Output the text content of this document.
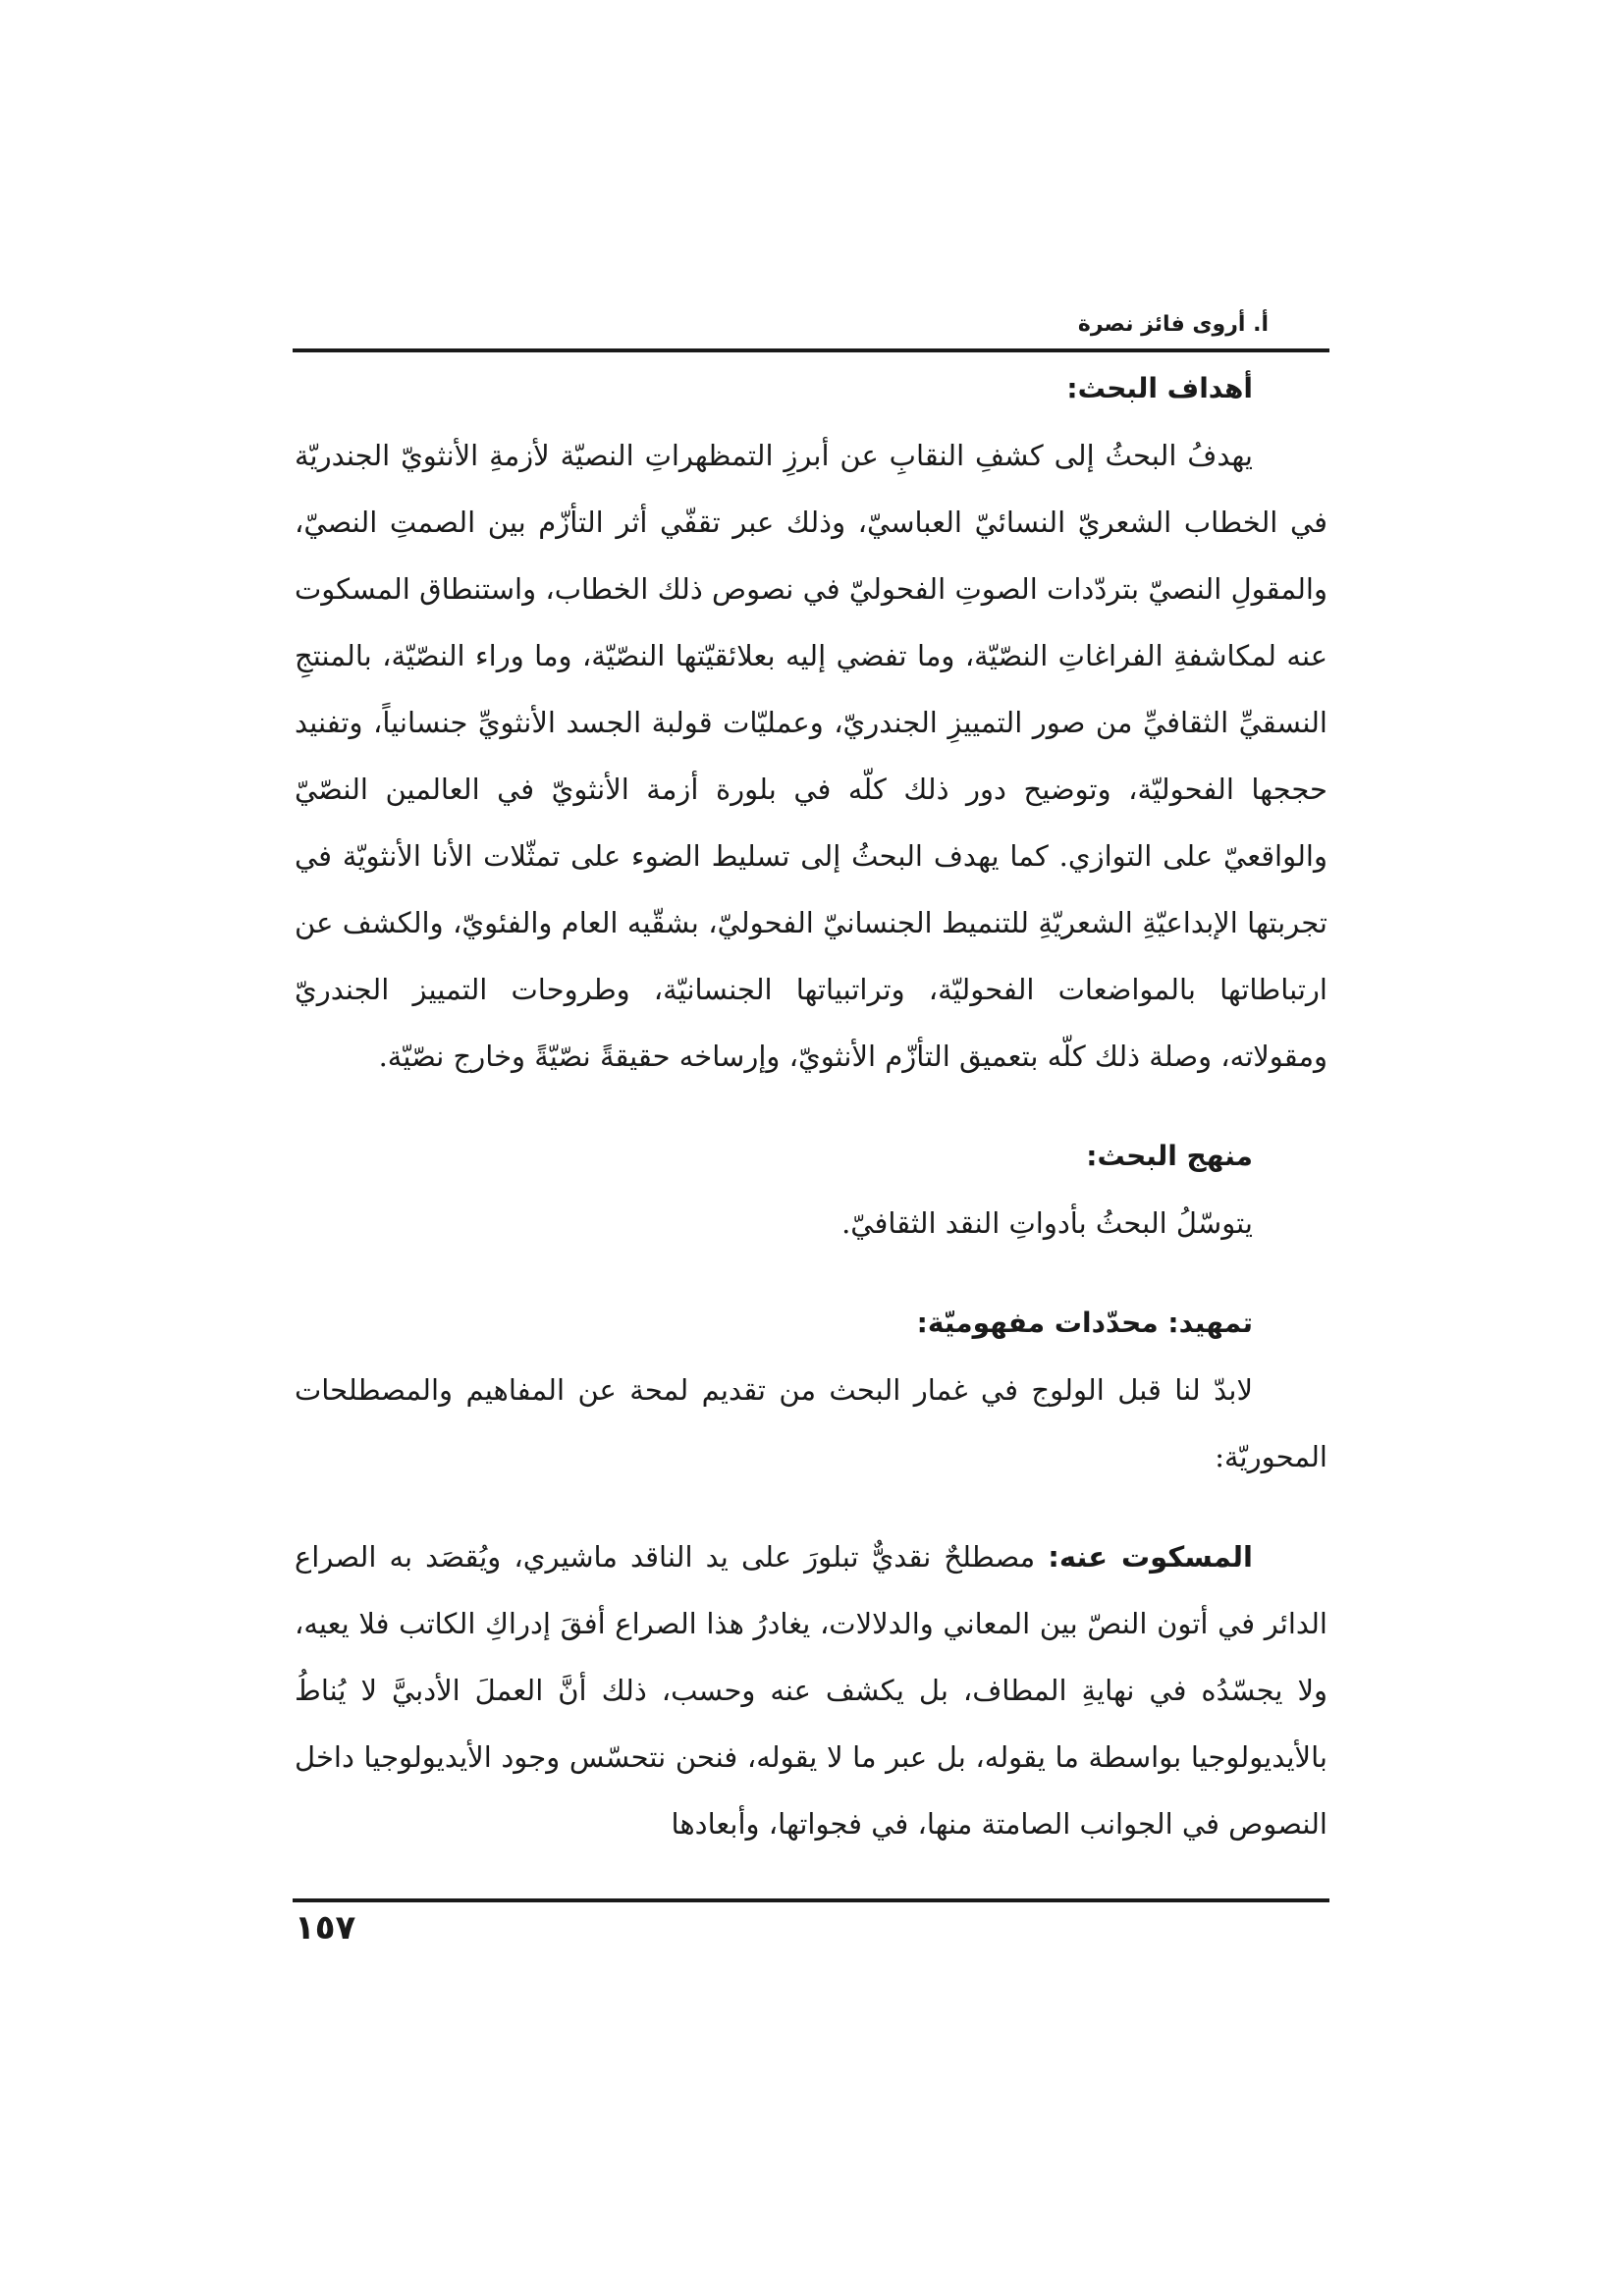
أ. أروى فائز نصرة

أهداف البحث:

يهدفُ البحثُ إلى كشفِ النقابِ عن أبرزِ التمظهراتِ النصيّة لأزمةِ الأنثويّ الجندريّة في الخطاب الشعريّ النسائيّ العباسيّ، وذلك عبر تقفّي أثر التأزّم بين الصمتِ النصيّ، والمقولِ النصيّ بتردّدات الصوتِ الفحوليّ في نصوص ذلك الخطاب، واستنطاق المسكوت عنه لمكاشفةِ الفراغاتِ النصّيّة، وما تفضي إليه بعلائقيّتها النصّيّة، وما وراء النصّيّة، بالمنتجِ النسقيِّ الثقافيِّ من صور التمييزِ الجندريّ، وعمليّات قولبة الجسد الأنثويِّ جنسانياً، وتفنيد حججها الفحوليّة، وتوضيح دور ذلك كلّه في بلورة أزمة الأنثويّ في العالمين النصّيّ والواقعيّ على التوازي. كما يهدف البحثُ إلى تسليط الضوء على تمثّلات الأنا الأنثويّة في تجربتها الإبداعيّةِ الشعريّةِ للتنميط الجنسانيّ الفحوليّ، بشقّيه العام والفئويّ، والكشف عن ارتباطاتها بالمواضعات الفحوليّة، وتراتبياتها الجنسانيّة، وطروحات التمييز الجندريّ ومقولاته، وصلة ذلك كلّه بتعميق التأزّم الأنثويّ، وإرساخه حقيقةً نصّيّةً وخارج نصّيّة.

منهج البحث:

يتوسّلُ البحثُ بأدواتِ النقد الثقافيّ.

تمهيد: محدّدات مفهوميّة:

لابدّ لنا قبل الولوج في غمار البحث من تقديم لمحة عن المفاهيم والمصطلحات المحوريّة:

المسكوت عنه: مصطلحٌ نقديٌّ تبلورَ على يد الناقد ماشيري، ويُقصَد به الصراع الدائر في أتون النصّ بين المعاني والدلالات، يغادرُ هذا الصراع أفقَ إدراكِ الكاتب فلا يعيه، ولا يجسّدُه في نهايةِ المطاف، بل يكشف عنه وحسب، ذلك أنَّ العملَ الأدبيَّ لا يُناطُ بالأيديولوجيا بواسطة ما يقوله، بل عبر ما لا يقوله، فنحن نتحسّس وجود الأيديولوجيا داخل النصوص في الجوانب الصامتة منها، في فجواتها، وأبعادها

١٥٧
